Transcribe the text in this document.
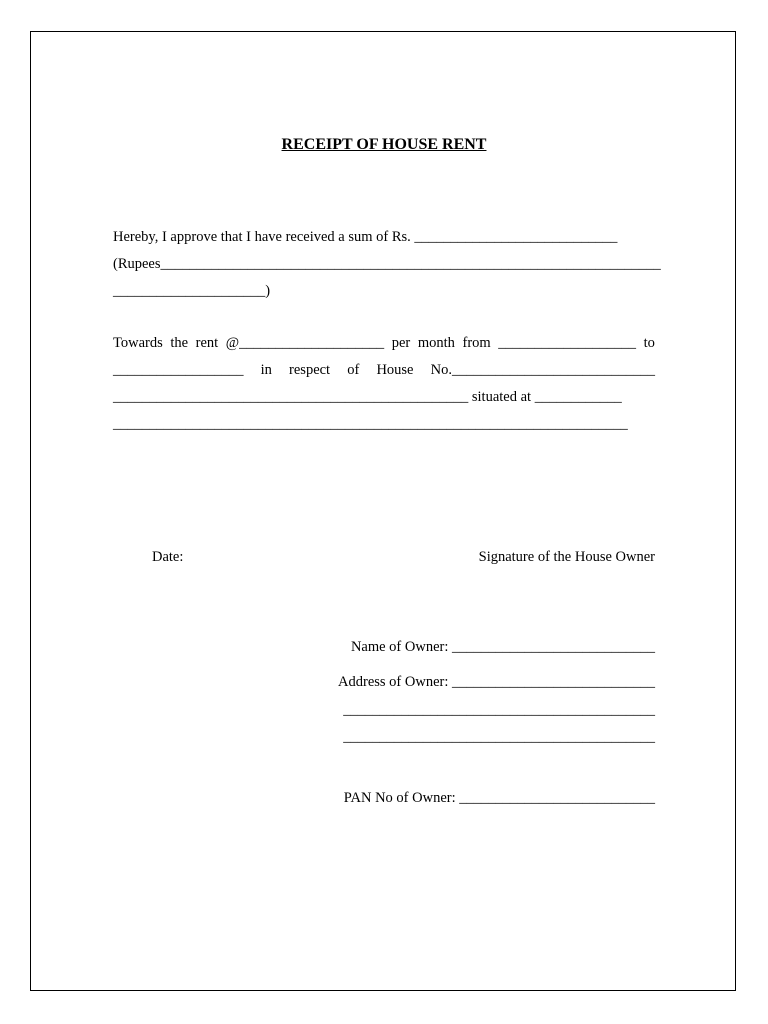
RECEIPT OF HOUSE RENT
Hereby, I approve that I have received a sum of Rs. ____________________________
(Rupees_____________________________________________________________________
_____________________)
Towards the rent @____________________ per month from ___________________ to
__________________ in respect of House No.____________________________
_________________________________________________ situated at ____________
_______________________________________________________________________
Date:	Signature of the House Owner
Name of Owner: ____________________________
Address of Owner: ____________________________
___________________________________________
___________________________________________
PAN No of Owner: ___________________________
